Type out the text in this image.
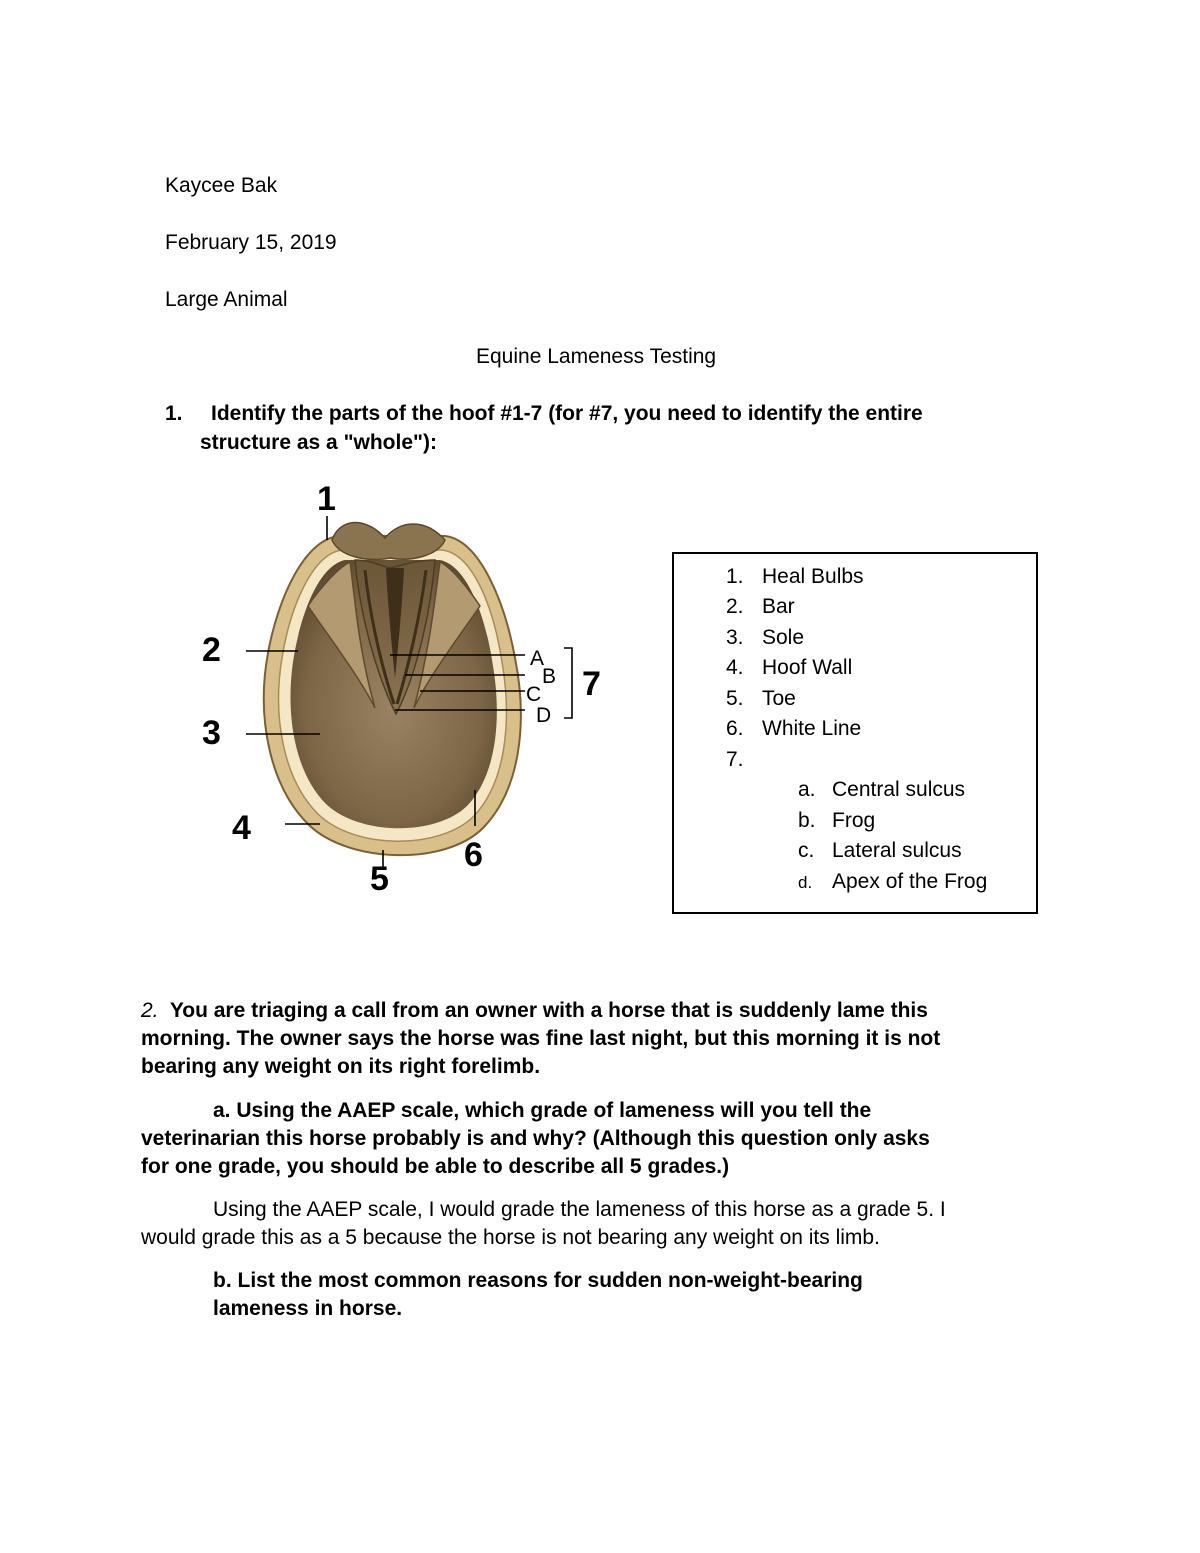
Kaycee Bak
February 15, 2019
Large Animal
Equine Lameness Testing
1. Identify the parts of the hoof #1-7 (for #7, you need to identify the entire
structure as a "whole"):
1
2
3
4
5
6
7
A
B
C
D
1. Heal Bulbs
2. Bar
3. Sole
4. Hoof Wall
5. Toe
6. White Line
7.
a. Central sulcus
b. Frog
c. Lateral sulcus
d. Apex of the Frog
2. You are triaging a call from an owner with a horse that is suddenly lame this
morning. The owner says the horse was fine last night, but this morning it is not
bearing any weight on its right forelimb.
a. Using the AAEP scale, which grade of lameness will you tell the
veterinarian this horse probably is and why? (Although this question only asks
for one grade, you should be able to describe all 5 grades.)
Using the AAEP scale, I would grade the lameness of this horse as a grade 5. I
would grade this as a 5 because the horse is not bearing any weight on its limb.
b. List the most common reasons for sudden non-weight-bearing
lameness in horse.
